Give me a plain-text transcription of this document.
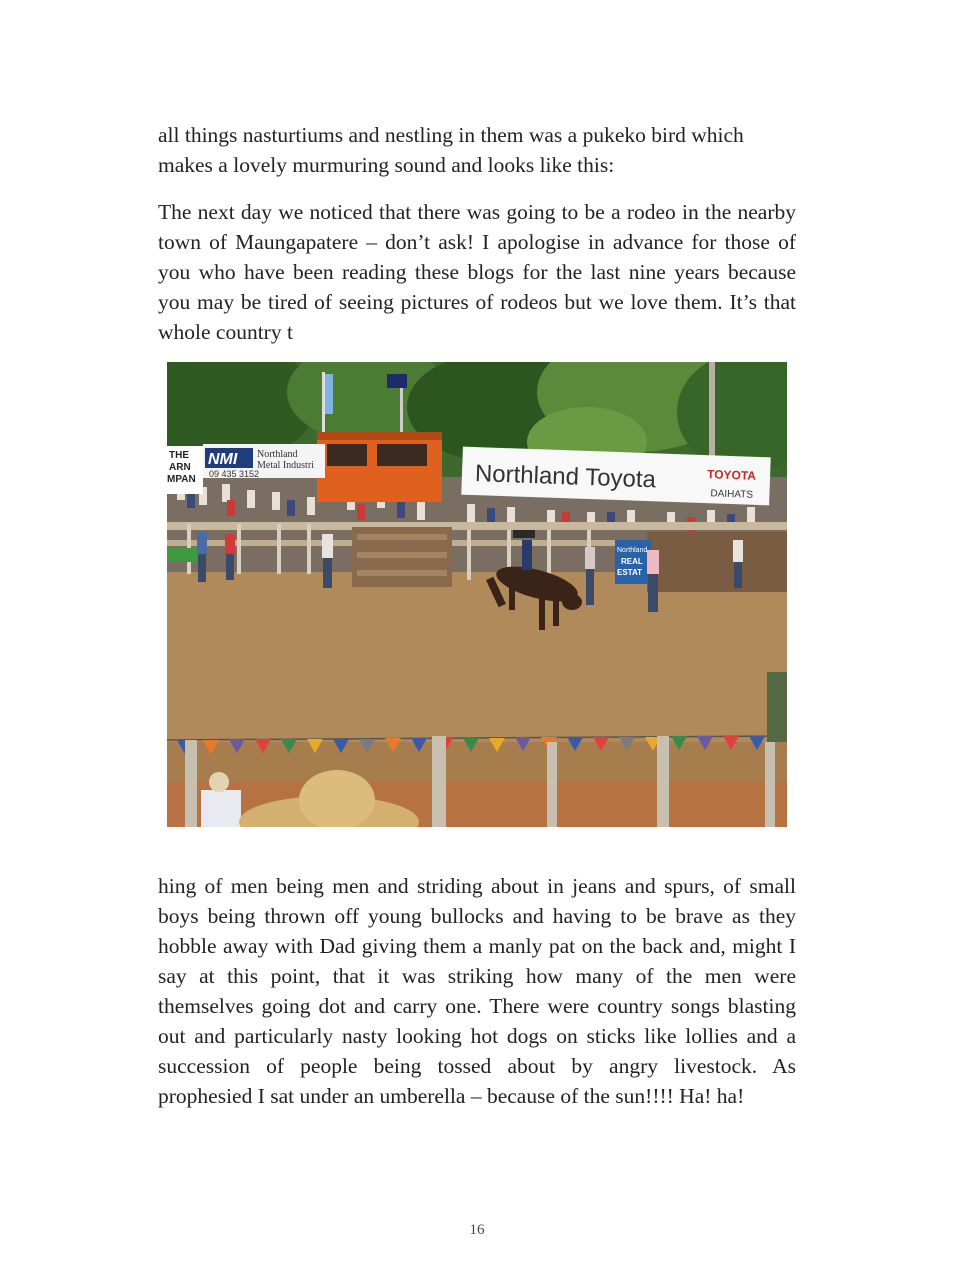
all things nasturtiums and nestling in them was a pukeko bird which makes a lovely murmuring sound and looks like this:

The next day we noticed that there was going to be a rodeo in the nearby town of Maungapatere – don’t ask! I apologise in advance for those of you who have been reading these blogs for the last nine years because you may be tired of seeing pictures of rodeos but we love them. It’s that whole country t

THE
ARN
MPAN
NMI Northland
Metal Industri
09 435 3152	Northland Toyota	TOYOTA
DAIHATS
Northland
REAL
ESTAT

hing of men being men and striding about in jeans and spurs, of small boys being thrown off young bullocks and having to be brave as they hobble away with Dad giving them a manly pat on the back and, might I say at this point, that it was striking how many of the men were themselves going dot and carry one. There were country songs blasting out and particularly nasty looking hot dogs on sticks like lollies and a succession of people being tossed about by angry livestock. As prophesied I sat under an umberella – because of the sun!!!! Ha! ha!

16
